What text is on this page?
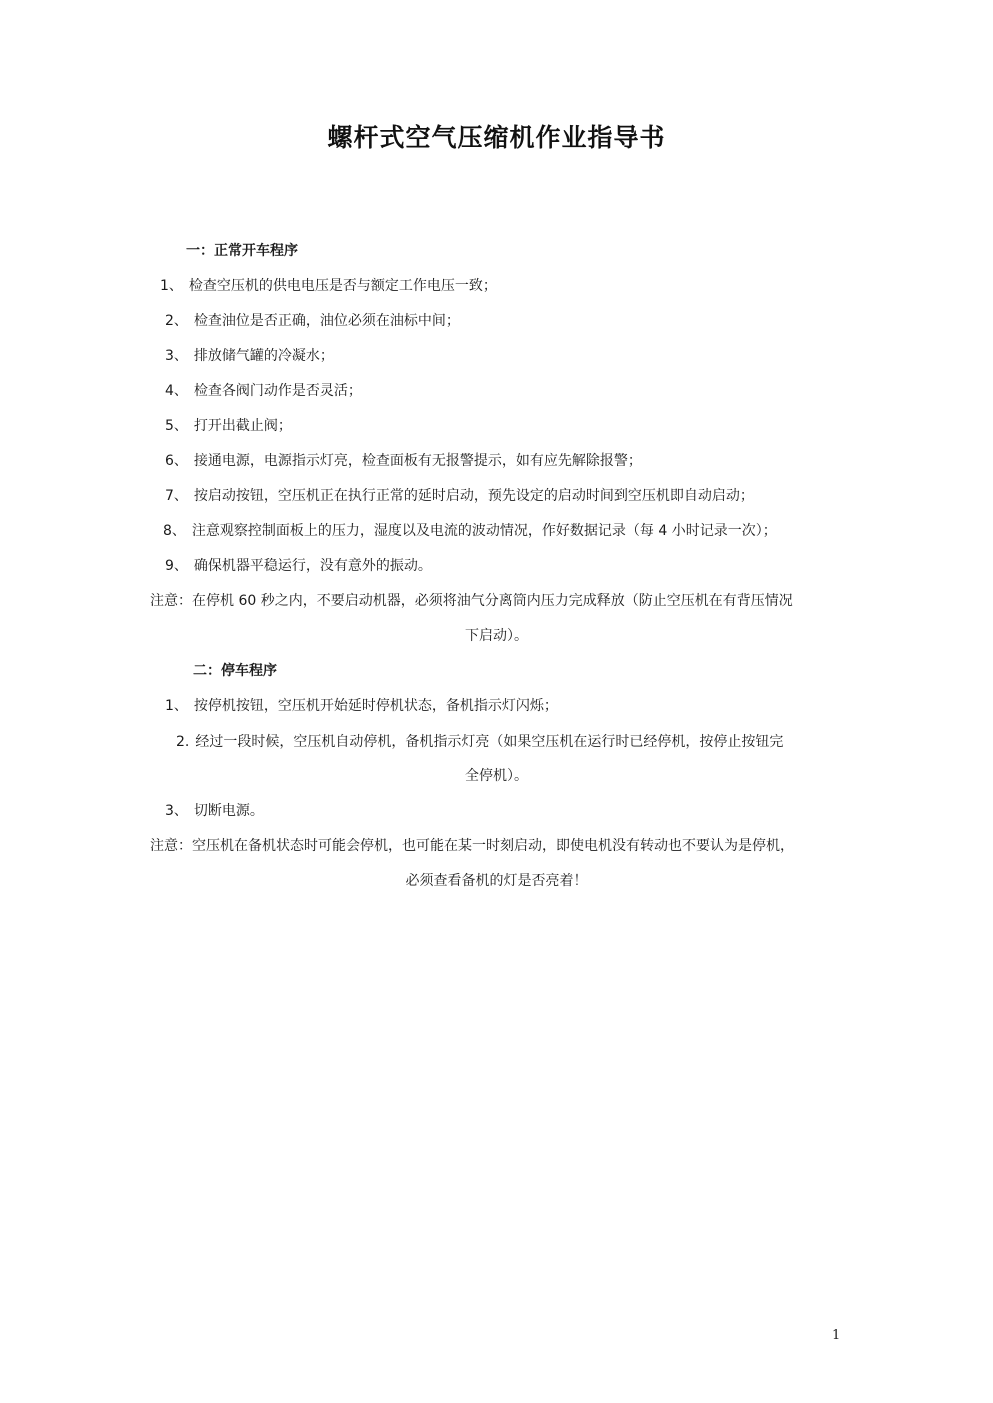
螺杆式空气压缩机作业指导书
一：正常开车程序
1、 检查空压机的供电电压是否与额定工作电压一致；
2、 检查油位是否正确，油位必须在油标中间；
3、 排放储气罐的冷凝水；
4、 检查各阀门动作是否灵活；
5、 打开出截止阀；
6、 接通电源，电源指示灯亮，检查面板有无报警提示，如有应先解除报警；
7、 按启动按钮，空压机正在执行正常的延时启动，预先设定的启动时间到空压机即自动启动；
8、 注意观察控制面板上的压力，湿度以及电流的波动情况，作好数据记录（每 4 小时记录一次）；
9、 确保机器平稳运行，没有意外的振动。
注意：在停机 60 秒之内，不要启动机器，必须将油气分离筒内压力完成释放（防止空压机在有背压情况
下启动）。
二：停车程序
1、 按停机按钮，空压机开始延时停机状态，备机指示灯闪烁；
2. 经过一段时候，空压机自动停机，备机指示灯亮（如果空压机在运行时已经停机，按停止按钮完
全停机）。
3、 切断电源。
注意：空压机在备机状态时可能会停机，也可能在某一时刻启动，即使电机没有转动也不要认为是停机，
必须查看备机的灯是否亮着！
1
